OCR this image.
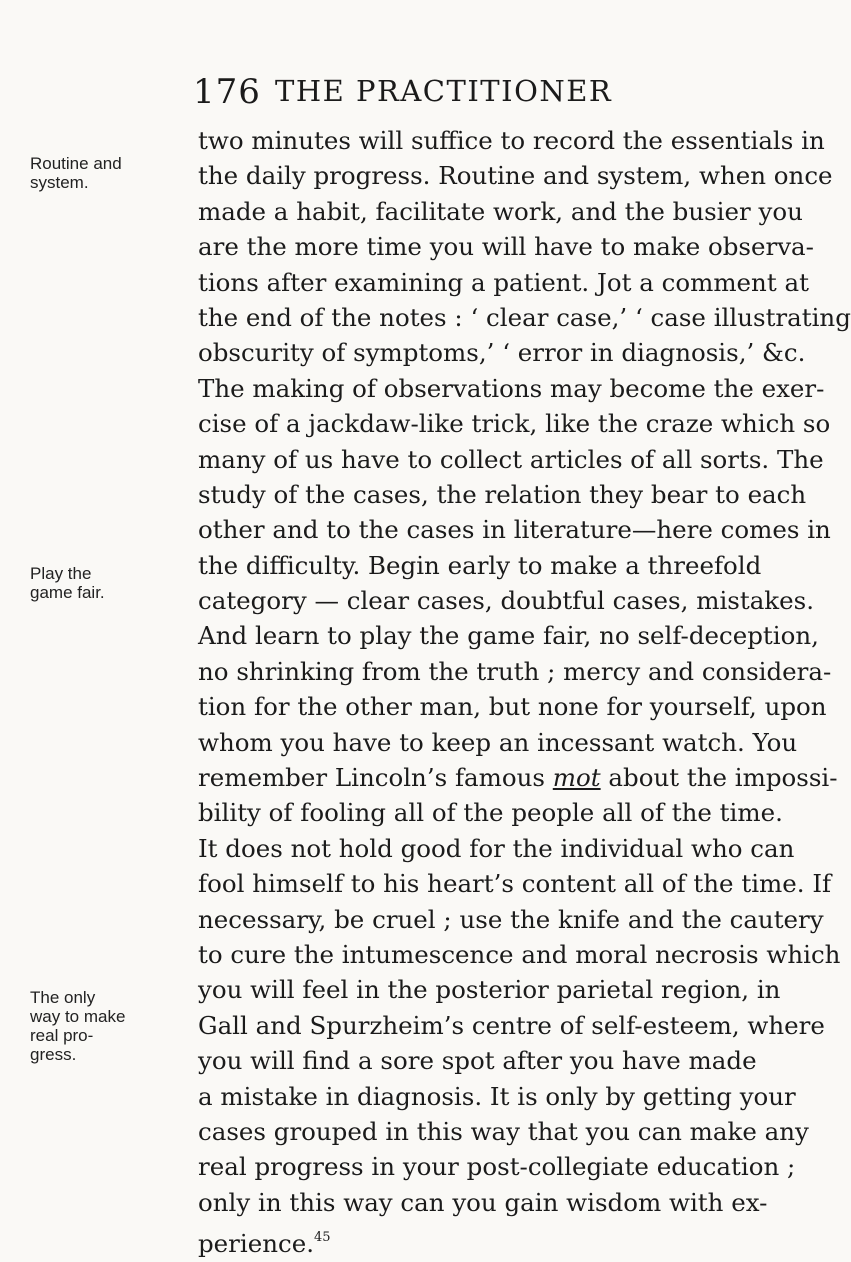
176 THE PRACTITIONER
Routine and
system.
Play the
game fair.
The only
way to make
real pro-
gress.
two minutes will suffice to record the essentials in
the daily progress. Routine and system, when once
made a habit, facilitate work, and the busier you
are the more time you will have to make observa-
tions after examining a patient. Jot a comment at
the end of the notes : ‘ clear case,’ ‘ case illustrating
obscurity of symptoms,’ ‘ error in diagnosis,’ &c.
The making of observations may become the exer-
cise of a jackdaw-like trick, like the craze which so
many of us have to collect articles of all sorts. The
study of the cases, the relation they bear to each
other and to the cases in literature—here comes in
the difficulty. Begin early to make a threefold
category — clear cases, doubtful cases, mistakes.
And learn to play the game fair, no self-deception,
no shrinking from the truth ; mercy and considera-
tion for the other man, but none for yourself, upon
whom you have to keep an incessant watch. You
remember Lincoln’s famous mot about the impossi-
bility of fooling all of the people all of the time.
It does not hold good for the individual who can
fool himself to his heart’s content all of the time. If
necessary, be cruel ; use the knife and the cautery
to cure the intumescence and moral necrosis which
you will feel in the posterior parietal region, in
Gall and Spurzheim’s centre of self-esteem, where
you will find a sore spot after you have made
a mistake in diagnosis. It is only by getting your
cases grouped in this way that you can make any
real progress in your post-collegiate education ;
only in this way can you gain wisdom with ex-
perience.$^{45}$
